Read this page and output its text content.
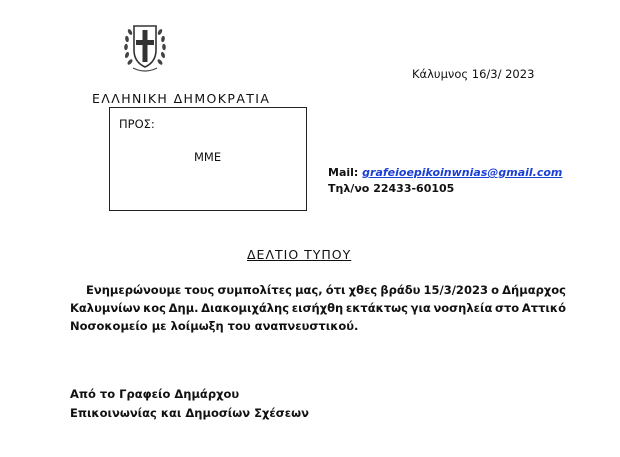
Κάλυμνος 16/3/ 2023
ΕΛΛΗΝΙΚΗ ΔΗΜΟΚΡΑΤΙΑ
ΠΡΟΣ:
ΜΜΕ
Mail: grafeioepikoinwnias@gmail.com
Τηλ/νο 22433-60105
ΔΕΛΤΙΟ ΤΥΠΟΥ
Ενημερώνουμε τους συμπολίτες μας, ότι χθες βράδυ 15/3/2023 ο Δήμαρχος
Καλυμνίων κος Δημ. Διακομιχάλης εισήχθη εκτάκτως για νοσηλεία στο Αττικό
Νοσοκομείο με λοίμωξη του αναπνευστικού.
Από το Γραφείο Δημάρχου
Επικοινωνίας και Δημοσίων Σχέσεων
